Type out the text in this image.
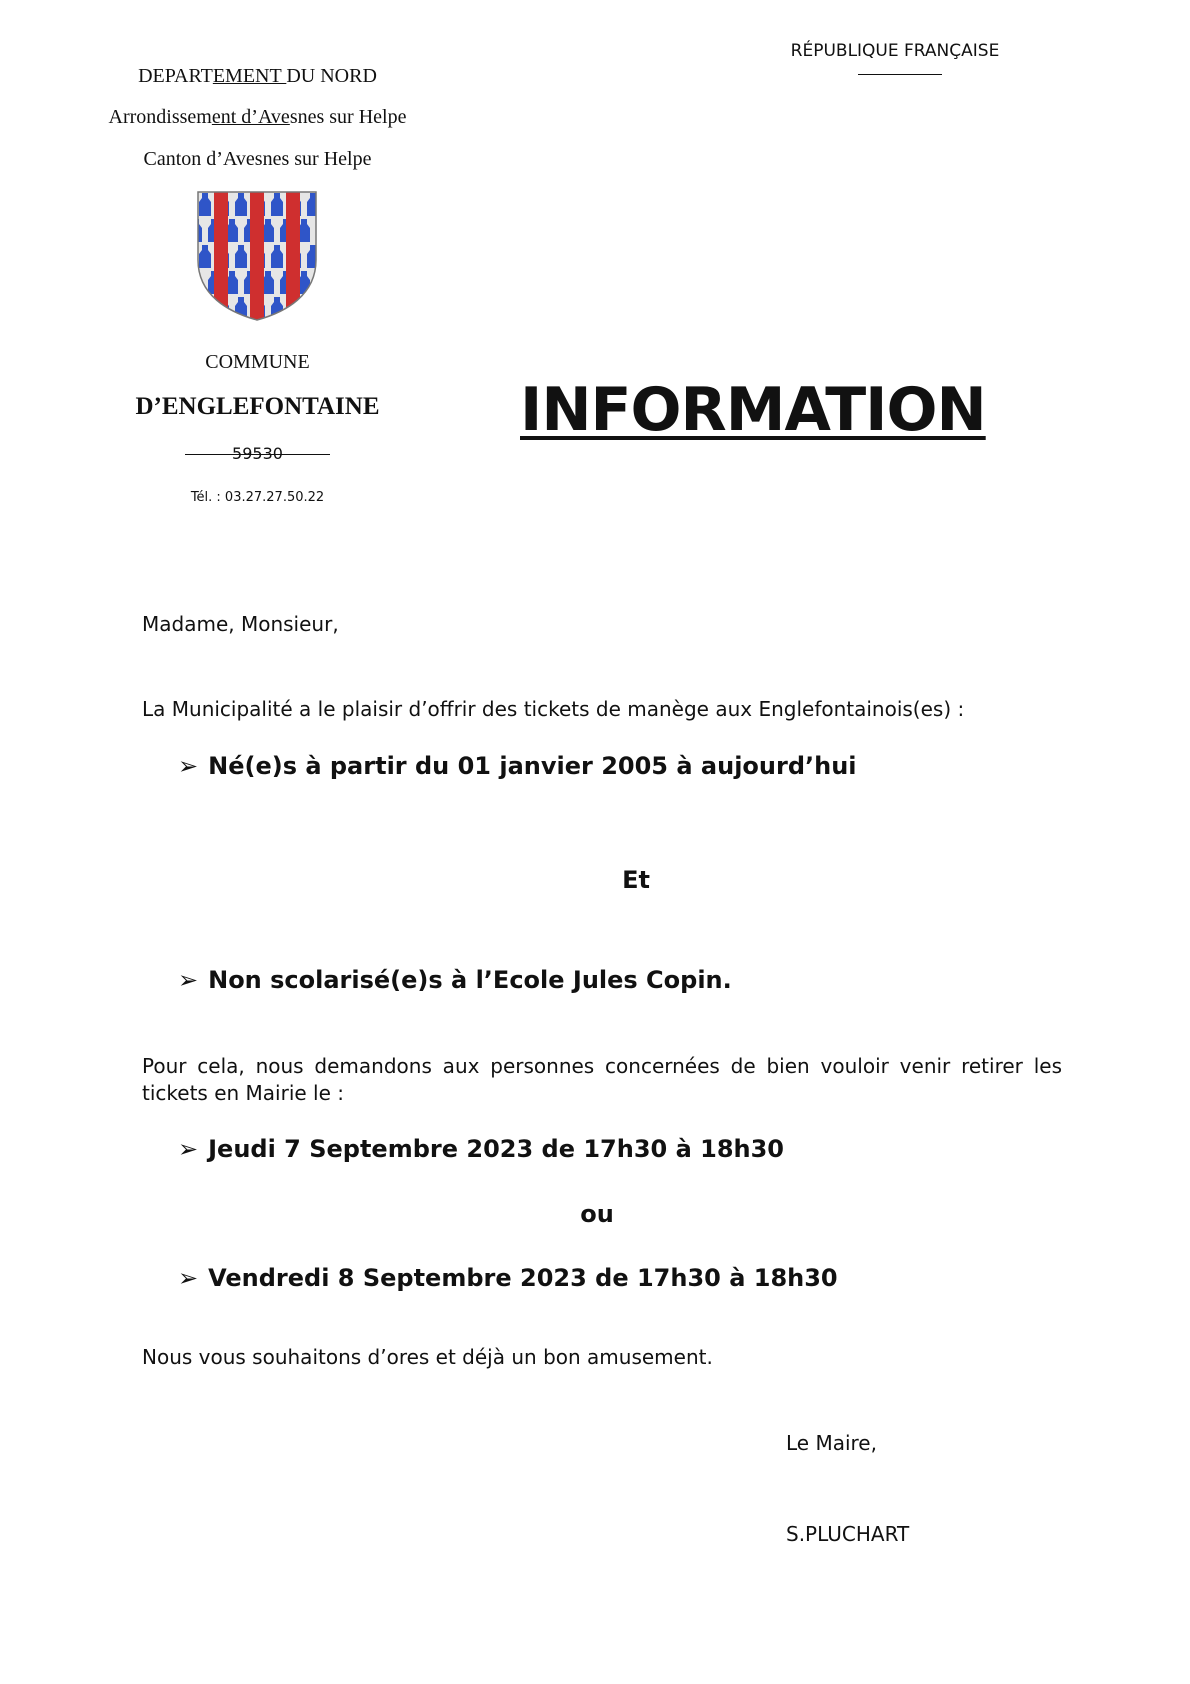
DEPARTEMENT DU NORD
Arrondissement d’Avesnes sur Helpe
Canton d’Avesnes sur Helpe
COMMUNE
D’ENGLEFONTAINE
59530
Tél. : 03.27.27.50.22
RÉPUBLIQUE FRANÇAISE
INFORMATION
Madame, Monsieur,
La Municipalité a le plaisir d’offrir des tickets de manège aux Englefontainois(es) :
➢ Né(e)s à partir du 01 janvier 2005 à aujourd’hui
Et
➢ Non scolarisé(e)s à l’Ecole Jules Copin.
Pour cela, nous demandons aux personnes concernées de bien vouloir venir retirer les tickets en Mairie le :
➢ Jeudi 7 Septembre 2023 de 17h30 à 18h30
ou
➢ Vendredi 8 Septembre 2023 de 17h30 à 18h30
Nous vous souhaitons d’ores et déjà un bon amusement.
Le Maire,
S.PLUCHART
